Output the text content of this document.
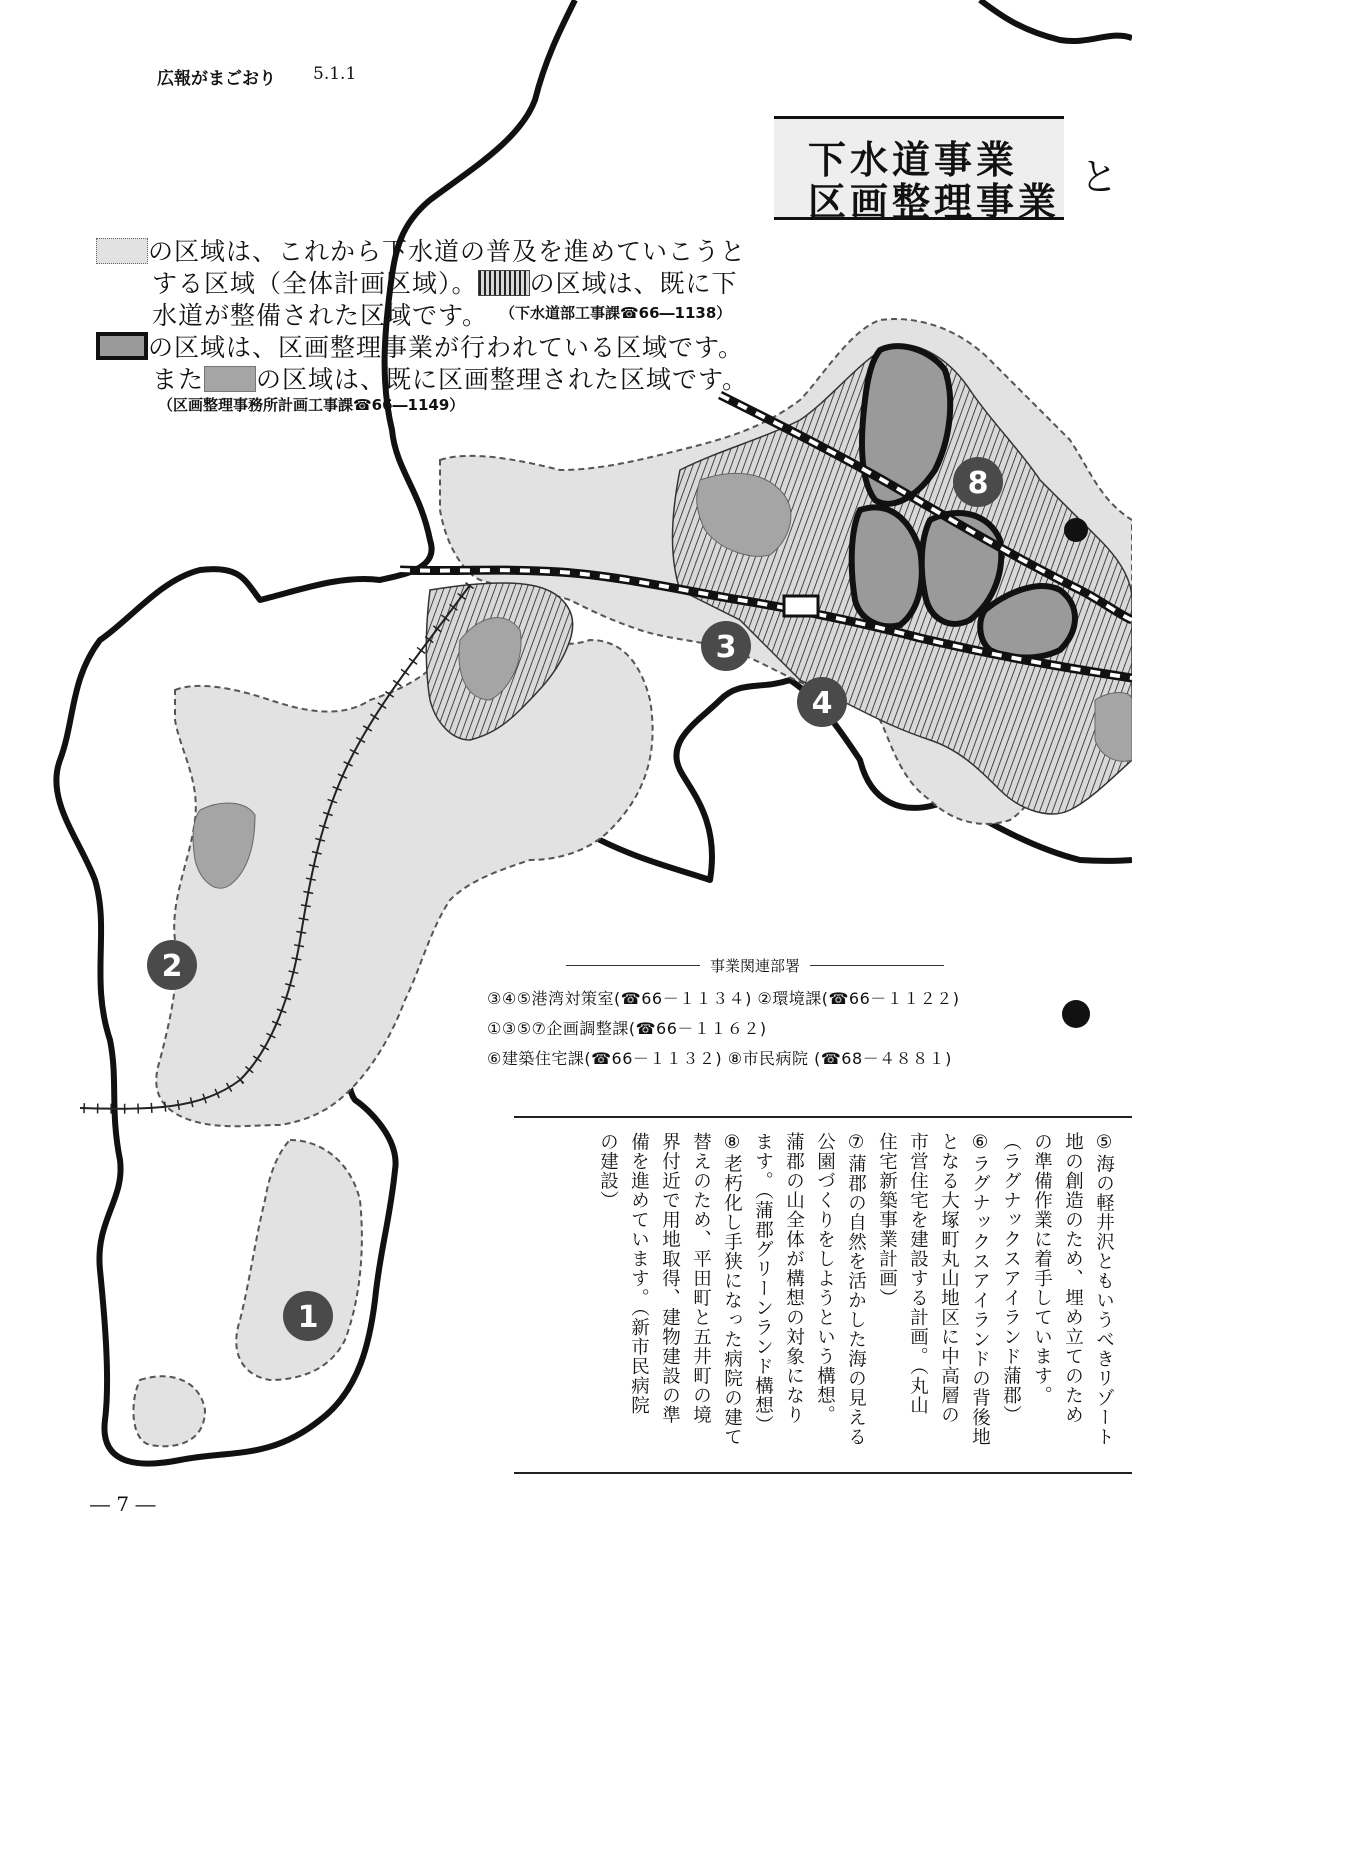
1
2
3
4
8
広報がまごおり 5.1.1
下水道事業
区画整理事業
と
の区域は、これから下水道の普及を進めていこうと
する区域（全体計画区域）。 の区域は、既に下
水道が整備された区域です。 （下水道部工事課☎66―1138）
の区域は、区画整理事業が行われている区域です。
また の区域は、既に区画整理された区域です。
（区画整理事務所計画工事課☎66―1149）
事業関連部署
③④⑤港湾対策室(☎66－１１３４) ②環境課(☎66－１１２２)
①③⑤⑦企画調整課(☎66－１１６２)
⑥建築住宅課(☎66－１１３２) ⑧市民病院 (☎68－４８８１)
⑤海の軽井沢ともいうべきリゾート
地の創造のため、埋め立てのため
の準備作業に着手しています。
（ラグナックスアイランド蒲郡）
⑥ラグナックスアイランドの背後地
となる大塚町丸山地区に中高層の
市営住宅を建設する計画。（丸山
住宅新築事業計画）
⑦蒲郡の自然を活かした海の見える
公園づくりをしようという構想。
蒲郡の山全体が構想の対象になり
ます。（蒲郡グリーンランド構想）
⑧老朽化し手狭になった病院の建て
替えのため、平田町と五井町の境
界付近で用地取得、建物建設の準
備を進めています。（新市民病院
の建設）
― 7 ―
